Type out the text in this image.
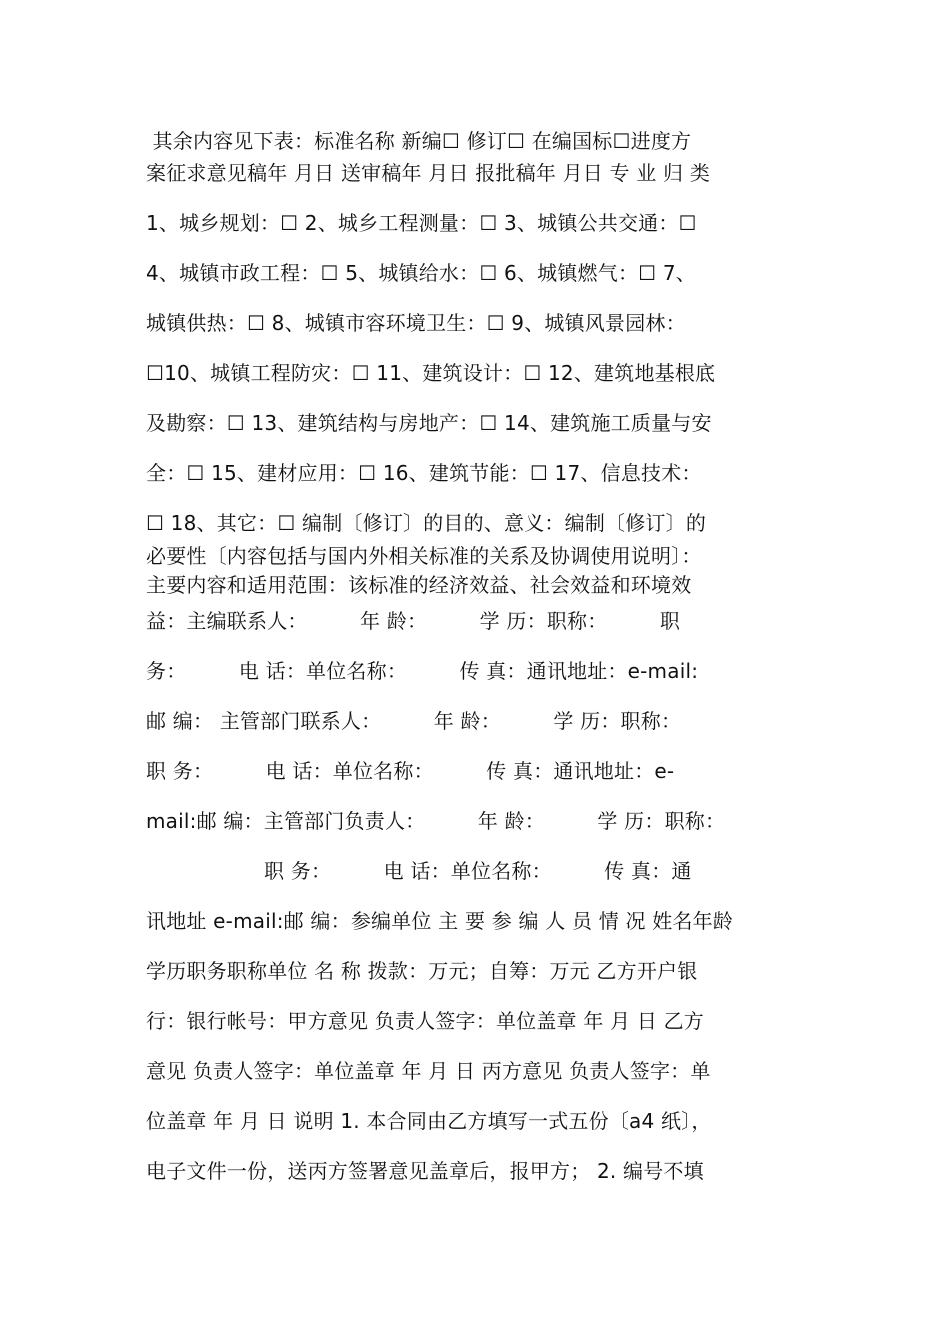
其余内容见下表：标准名称 新编☐ 修订☐ 在编国标☐进度方
案征求意见稿年 月日 送审稿年 月日 报批稿年 月日 专 业 归 类
1、城乡规划：☐ 2、城乡工程测量：☐ 3、城镇公共交通：☐
4、城镇市政工程：☐ 5、城镇给水：☐ 6、城镇燃气：☐ 7、
城镇供热：☐ 8、城镇市容环境卫生：☐ 9、城镇风景园林：
☐10、城镇工程防灾：☐ 11、建筑设计：☐ 12、建筑地基根底
及勘察：☐ 13、建筑结构与房地产：☐ 14、建筑施工质量与安
全：☐ 15、建材应用：☐ 16、建筑节能：☐ 17、信息技术：
☐ 18、其它：☐ 编制〔修订〕的目的、意义：编制〔修订〕的
必要性〔内容包括与国内外相关标准的关系及协调使用说明〕：
主要内容和适用范围：该标准的经济效益、社会效益和环境效
益：主编联系人：        年 龄：        学 历：职称：        职
务：        电 话：单位名称：        传 真：通讯地址：e-mail:
邮 编： 主管部门联系人：        年 龄：        学 历：职称：
职 务：        电 话：单位名称：        传 真：通讯地址：e-
mail:邮 编：主管部门负责人：        年 龄：        学 历：职称：
职 务：        电 话：单位名称：        传 真：通
讯地址 e-mail:邮 编：参编单位 主 要 参 编 人 员 情 况 姓名年龄
学历职务职称单位 名 称 拨款：万元；自筹：万元 乙方开户银
行：银行帐号：甲方意见 负责人签字：单位盖章 年 月 日 乙方
意见 负责人签字：单位盖章 年 月 日 丙方意见 负责人签字：单
位盖章 年 月 日 说明 1. 本合同由乙方填写一式五份〔a4 纸〕，
电子文件一份，送丙方签署意见盖章后，报甲方； 2. 编号不填
